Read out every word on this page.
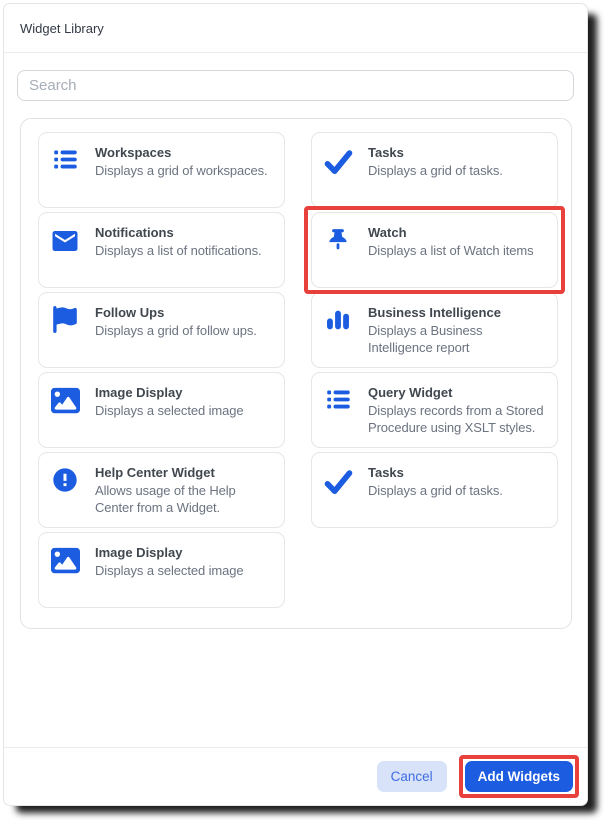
Widget Library
Search
Workspaces
Displays a grid of workspaces.
Notifications
Displays a list of notifications.
Follow Ups
Displays a grid of follow ups.
Image Display
Displays a selected image
Help Center Widget
Allows usage of the Help Center from a Widget.
Image Display
Displays a selected image
Tasks
Displays a grid of tasks.
Watch
Displays a list of Watch items
Business Intelligence
Displays a Business Intelligence report
Query Widget
Displays records from a Stored Procedure using XSLT styles.
Tasks
Displays a grid of tasks.
Cancel	Add Widgets
